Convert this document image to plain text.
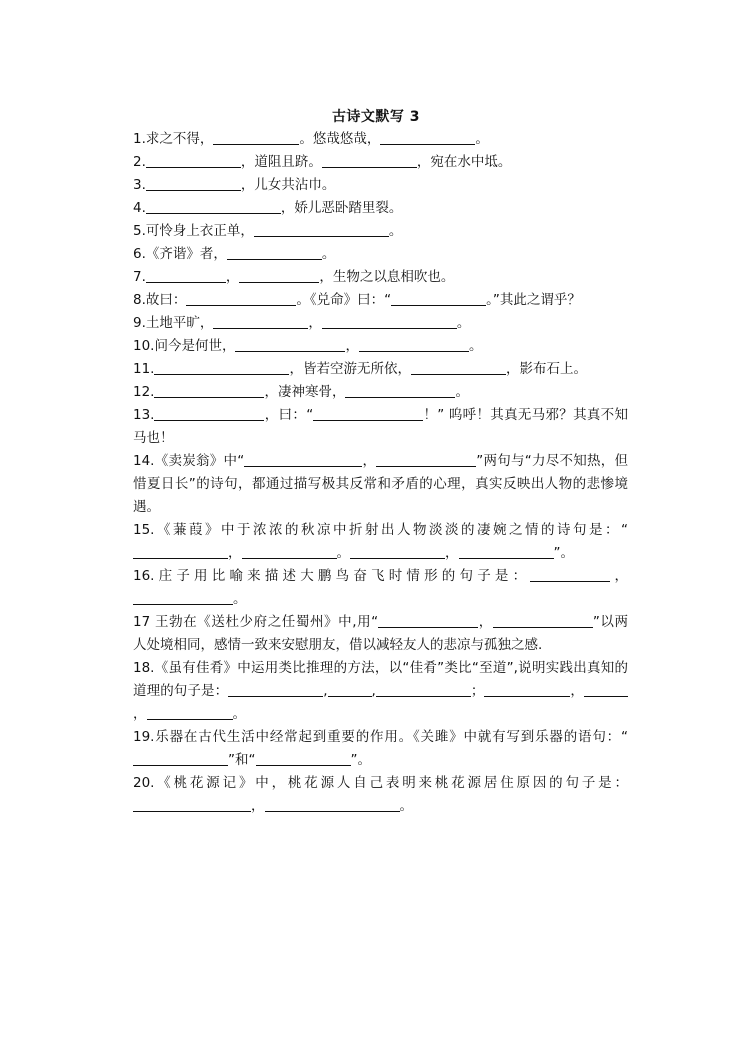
古诗文默写 3
1.求之不得，	。悠哉悠哉，	。
2.	，道阻且跻。	，宛在水中坻。
3.	，儿女共沾巾。
4.	，娇儿恶卧踏里裂。
5.可怜身上衣正单，	。
6.《齐谐》者，	。
7.	，	，生物之以息相吹也。
8.故曰：	。《兑命》曰：“	。”其此之谓乎？
9.土地平旷，	，	。
10.问今是何世，	，	。
11.	，皆若空游无所依，	，影布石上。
12.	，凄神寒骨，	。
13.	，曰：“	！” 呜呼！其真无马邪？其真不知马也！
14.《卖炭翁》中“	，	”两句与“力尽不知热，但惜夏日长”的诗句，都通过描写极其反常和矛盾的心理，真实反映出人物的悲惨境遇。
15.《蒹葭》中于浓浓的秋凉中折射出人物淡淡的凄婉之情的诗句是：“，	。	，	”。
16.庄子用比喻来描述大鹏鸟奋飞时情形的句子是：	，。
17 王勃在《送杜少府之任蜀州》中,用“	，	”以两人处境相同，感情一致来安慰朋友，借以减轻友人的悲凉与孤独之感.
18.《虽有佳肴》中运用类比推理的方法，以“佳肴”类比“至道”,说明实践出真知的道理的句子是：	,	,	；	，，	。
19.乐器在古代生活中经常起到重要的作用。《关雎》中就有写到乐器的语句：“”和“	”。
20.《桃花源记》中，桃花源人自己表明来桃花源居住原因的句子是：，	。
